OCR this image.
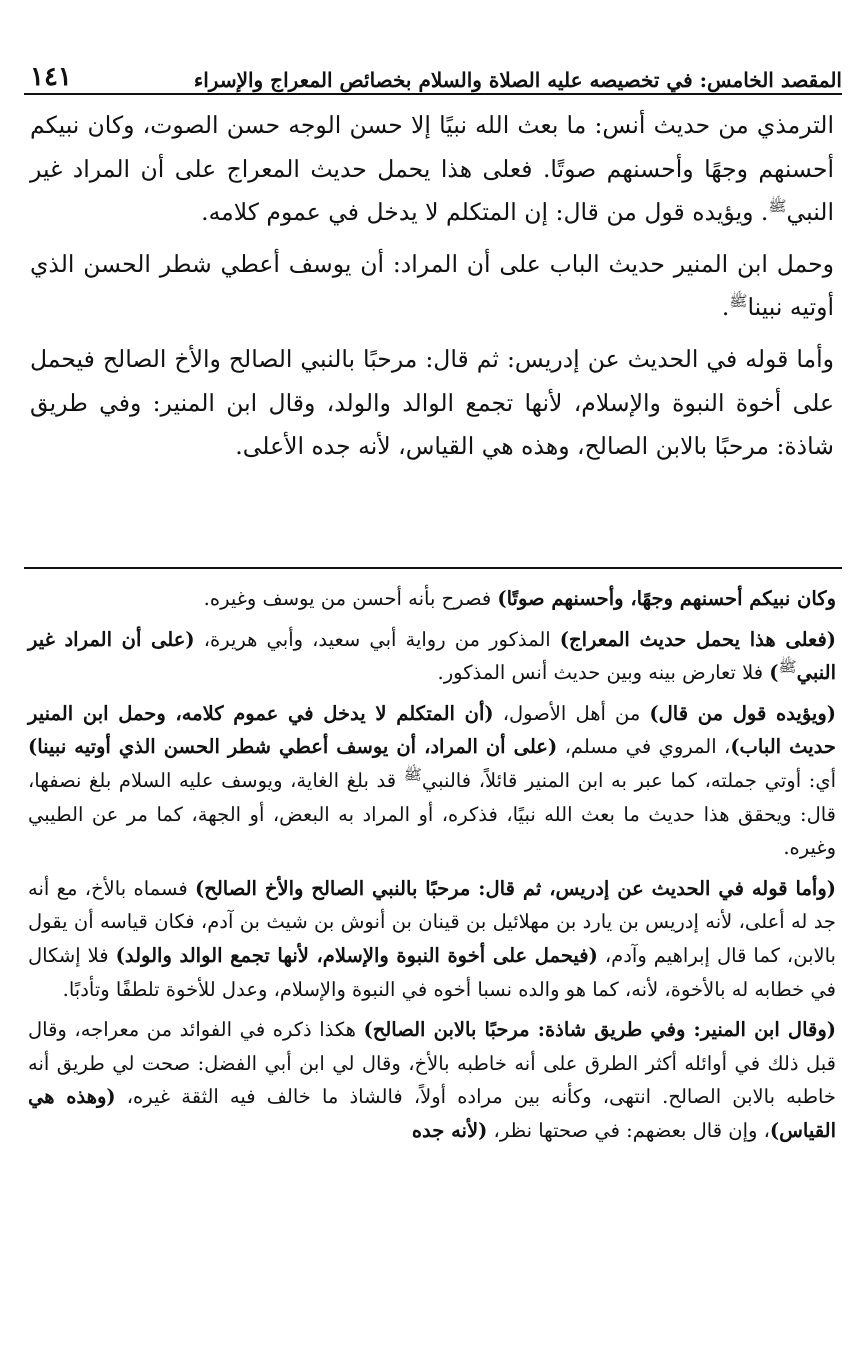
المقصد الخامس: في تخصيصه عليه الصلاة والسلام بخصائص المعراج والإسراء
١٤١

الترمذي من حديث أنس: ما بعث الله نبيًا إلا حسن الوجه حسن الصوت، وكان نبيكم أحسنهم وجهًا وأحسنهم صوتًا. فعلى هذا يحمل حديث المعراج على أن المراد غير النبي$^ﷺ$. ويؤيده قول من قال: إن المتكلم لا يدخل في عموم كلامه.

وحمل ابن المنير حديث الباب على أن المراد: أن يوسف أعطي شطر الحسن الذي أوتيه نبينا$^ﷺ$.

وأما قوله في الحديث عن إدريس: ثم قال: مرحبًا بالنبي الصالح والأخ الصالح فيحمل على أخوة النبوة والإسلام، لأنها تجمع الوالد والولد، وقال ابن المنير: وفي طريق شاذة: مرحبًا بالابن الصالح، وهذه هي القياس، لأنه جده الأعلى.

وكان نبيكم أحسنهم وجهًا، وأحسنهم صوتًا) فصرح بأنه أحسن من يوسف وغيره.

(فعلى هذا يحمل حديث المعراج) المذكور من رواية أبي سعيد، وأبي هريرة، (على أن المراد غير النبي$^ﷺ$) فلا تعارض بينه وبين حديث أنس المذكور.

(ويؤيده قول من قال) من أهل الأصول، (أن المتكلم لا يدخل في عموم كلامه، وحمل ابن المنير حديث الباب)، المروي في مسلم، (على أن المراد، أن يوسف أعطي شطر الحسن الذي أوتيه نبينا) أي: أوتي جملته، كما عبر به ابن المنير قائلاً، فالنبي$^ﷺ$ قد بلغ الغاية، ويوسف عليه السلام بلغ نصفها، قال: ويحقق هذا حديث ما بعث الله نبيًا، فذكره، أو المراد به البعض، أو الجهة، كما مر عن الطيبي وغيره.

(وأما قوله في الحديث عن إدريس، ثم قال: مرحبًا بالنبي الصالح والأخ الصالح) فسماه بالأخ، مع أنه جد له أعلى، لأنه إدريس بن يارد بن مهلائيل بن قينان بن أنوش بن شيث بن آدم، فكان قياسه أن يقول بالابن، كما قال إبراهيم وآدم، (فيحمل على أخوة النبوة والإسلام، لأنها تجمع الوالد والولد) فلا إشكال في خطابه له بالأخوة، لأنه، كما هو والده نسبا أخوه في النبوة والإسلام، وعدل للأخوة تلطفًا وتأدبًا.

(وقال ابن المنير: وفي طريق شاذة: مرحبًا بالابن الصالح) هكذا ذكره في الفوائد من معراجه، وقال قبل ذلك في أوائله أكثر الطرق على أنه خاطبه بالأخ، وقال لي ابن أبي الفضل: صحت لي طريق أنه خاطبه بالابن الصالح. انتهى، وكأنه بين مراده أولاً، فالشاذ ما خالف فيه الثقة غيره، (وهذه هي القياس)، وإن قال بعضهم: في صحتها نظر، (لأنه جده
